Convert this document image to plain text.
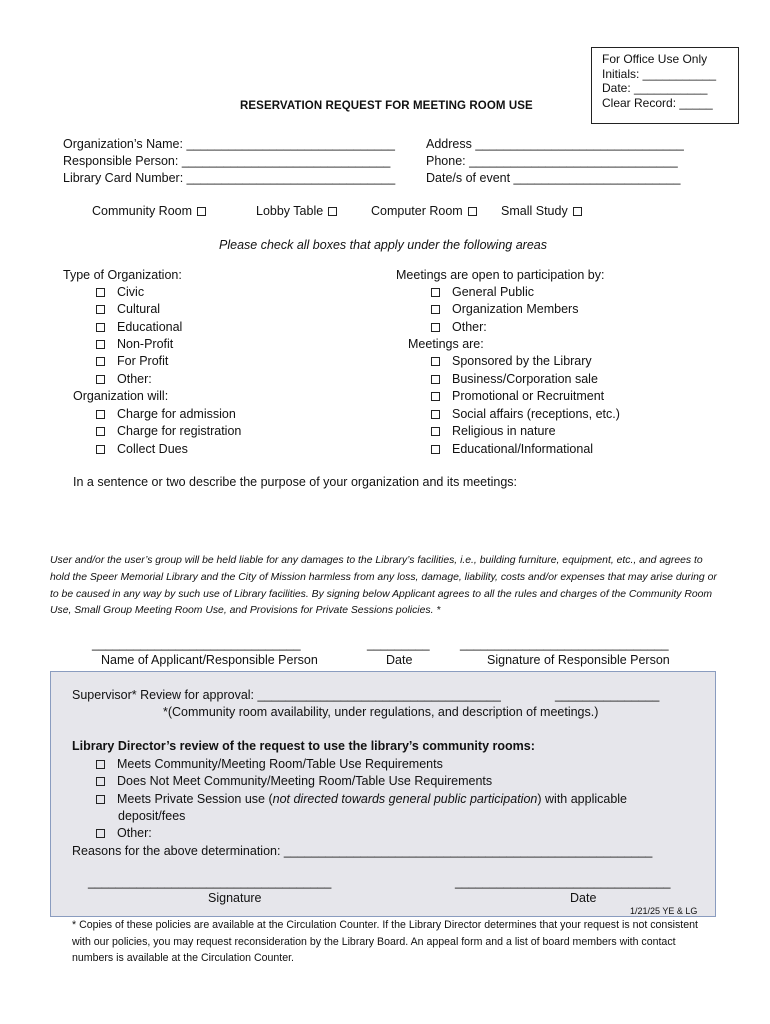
For Office Use Only
Initials: ___________
Date: ___________
Clear Record: _____
RESERVATION REQUEST FOR MEETING ROOM USE
Organization’s Name: ______________________________ Address ______________________________
Responsible Person: ______________________________	Phone: ______________________________
Library Card Number: ______________________________ Date/s of event ________________________
Community Room	Lobby Table	Computer Room	Small Study
Please check all boxes that apply under the following areas
Type of Organization:
Civic
Cultural
Educational
Non-Profit
For Profit
Other:
Organization will:
Charge for admission
Charge for registration
Collect Dues
Meetings are open to participation by:
General Public
Organization Members
Other:
Meetings are:
Sponsored by the Library
Business/Corporation sale
Promotional or Recruitment
Social affairs (receptions, etc.)
Religious in nature
Educational/Informational
In a sentence or two describe the purpose of your organization and its meetings:
User and/or the user’s group will be held liable for any damages to the Library’s facilities, i.e., building furniture, equipment, etc., and agrees to hold the Speer Memorial Library and the City of Mission harmless from any loss, damage, liability, costs and/or expenses that may arise during or to be caused in any way by such use of Library facilities. By signing below Applicant agrees to all the rules and charges of the Community Room Use, Small Group Meeting Room Use, and Provisions for Private Sessions policies. *
______________________________	_________ ______________________________
Name of Applicant/Responsible Person	Date	Signature of Responsible Person
Supervisor* Review for approval: ___________________________________	_______________
*(Community room availability, under regulations, and description of meetings.)
Library Director’s review of the request to use the library’s community rooms:
Meets Community/Meeting Room/Table Use Requirements
Does Not Meet Community/Meeting Room/Table Use Requirements
Meets Private Session use (not directed towards general public participation) with applicable
deposit/fees
Other:
Reasons for the above determination: _____________________________________________________
___________________________________	_______________________________
Signature	Date
1/21/25 YE & LG
* Copies of these policies are available at the Circulation Counter. If the Library Director determines that your request is not consistent with our policies, you may request reconsideration by the Library Board. An appeal form and a list of board members with contact numbers is available at the Circulation Counter.
